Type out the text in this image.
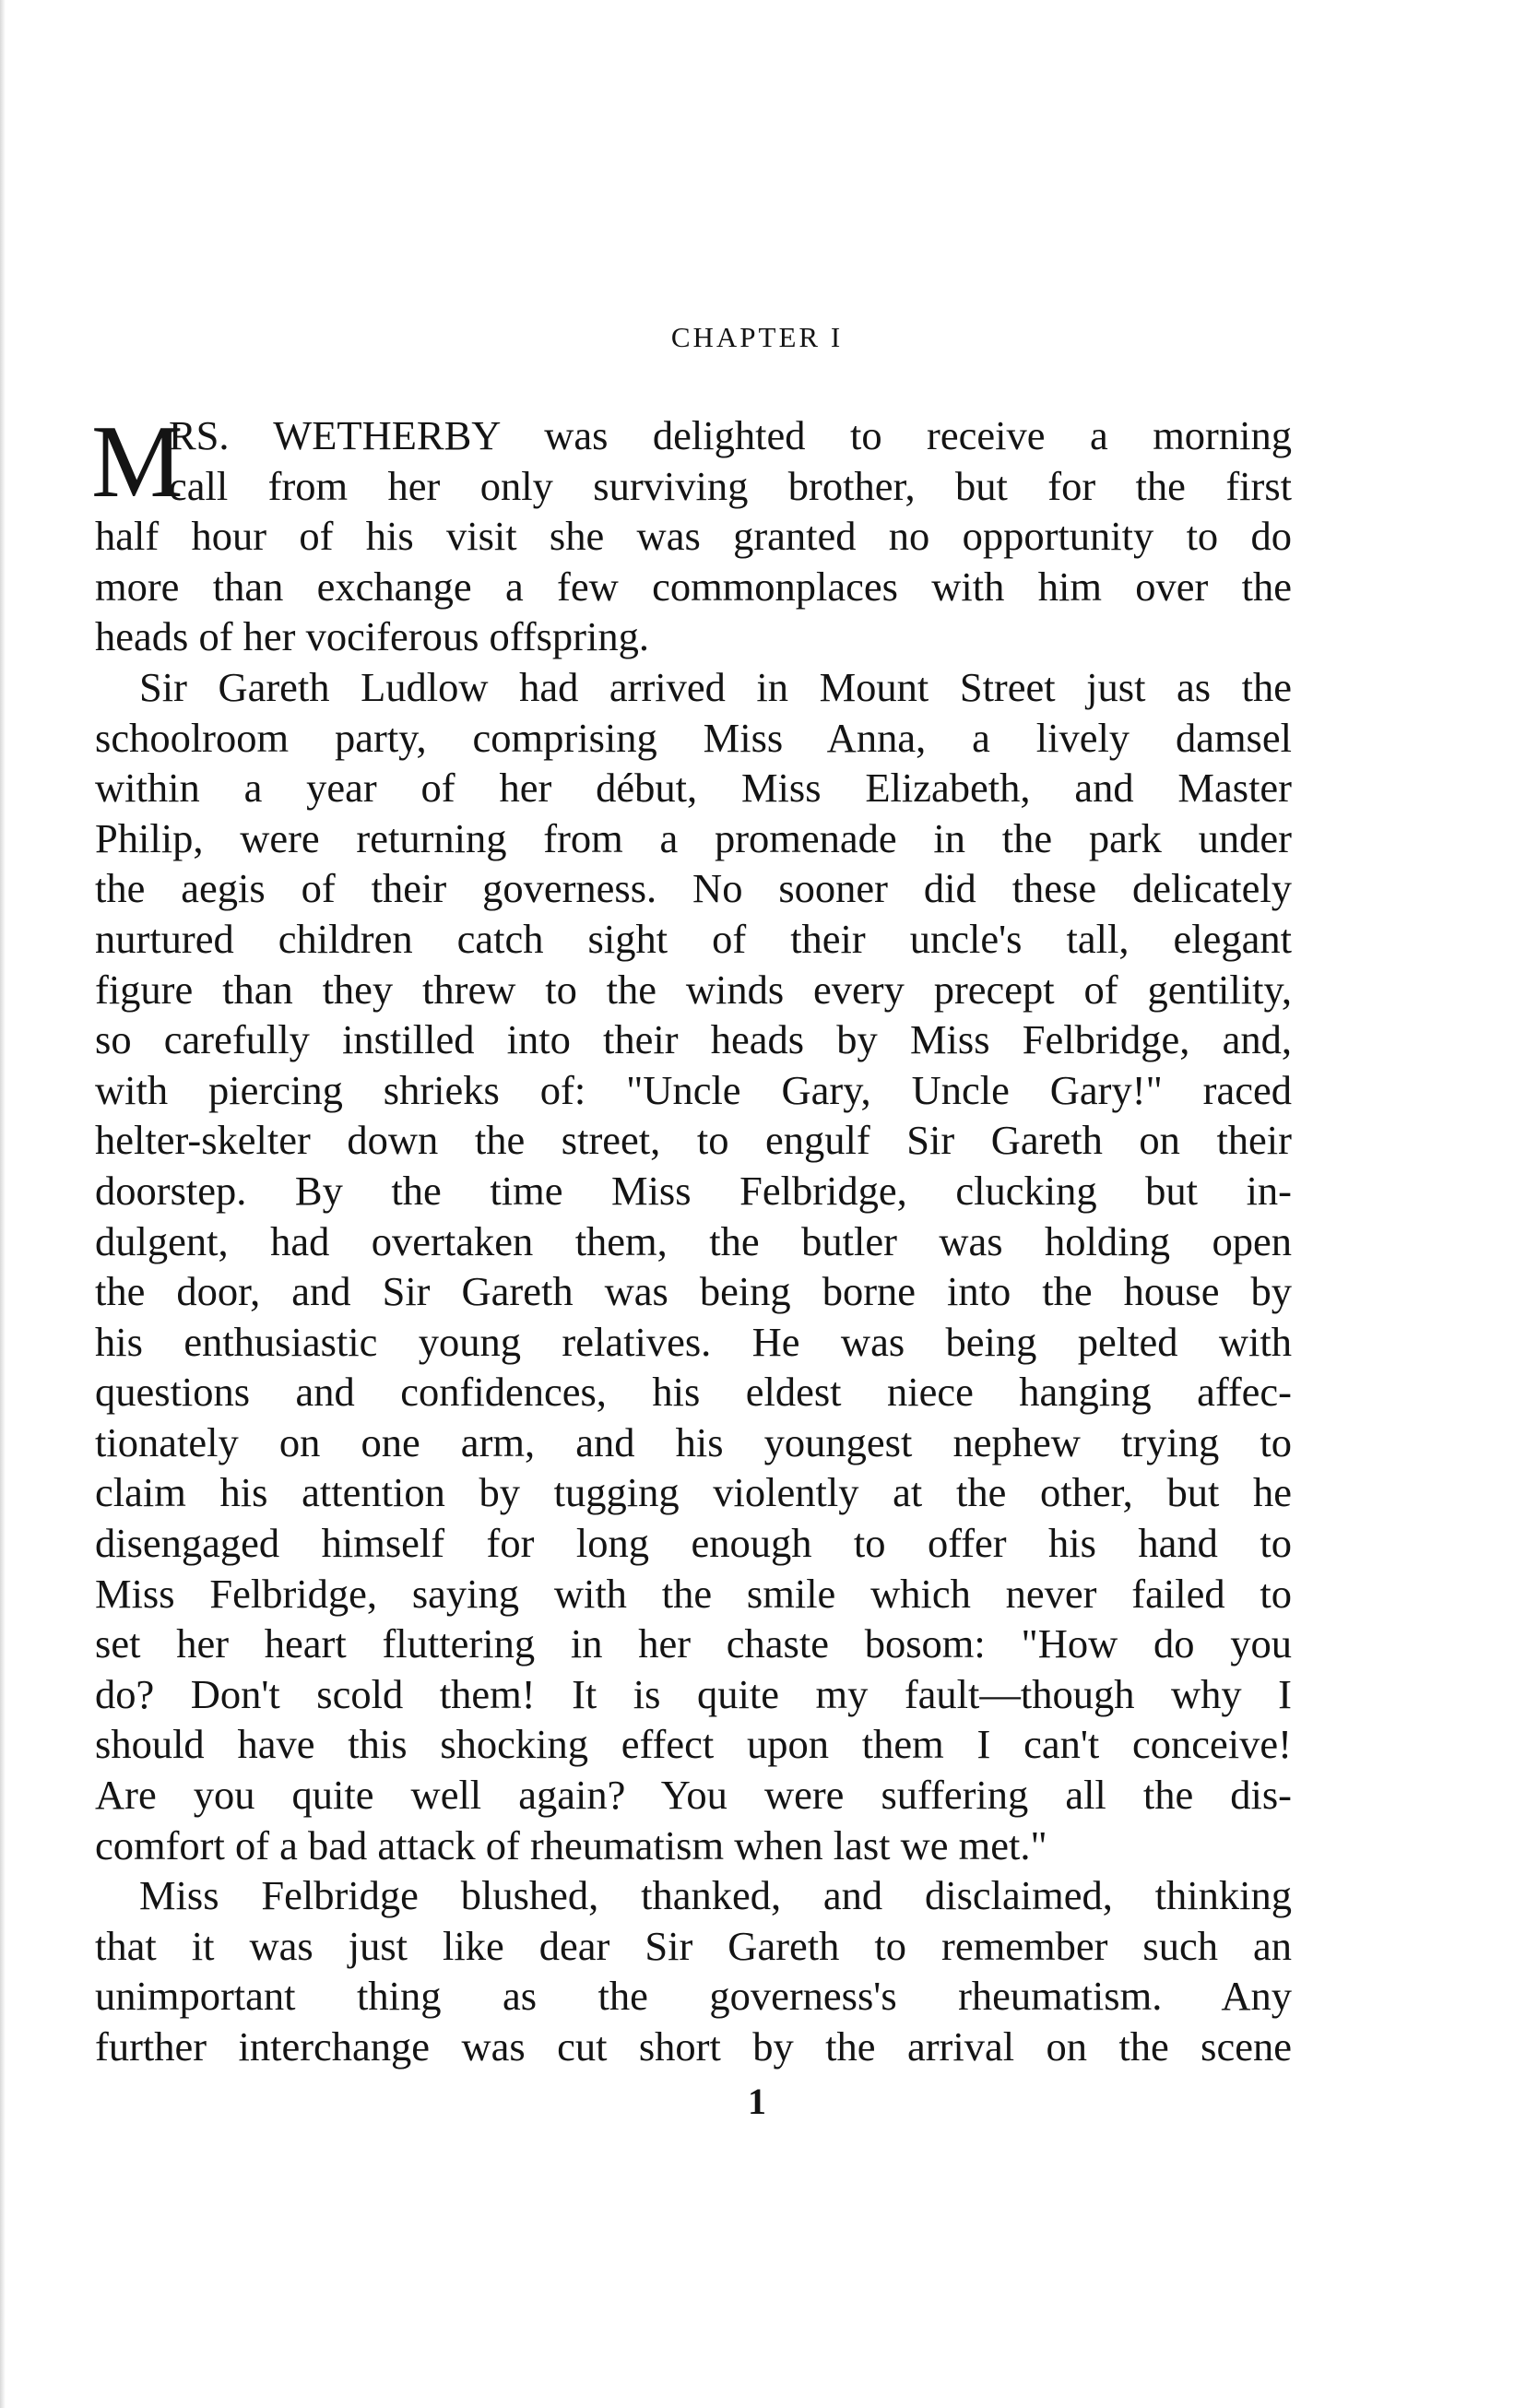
CHAPTER I
M
RS. WETHERBY was delighted to receive a morning
call from her only surviving brother, but for the first
half hour of his visit she was granted no opportunity to do
more than exchange a few commonplaces with him over the
heads of her vociferous offspring.
Sir Gareth Ludlow had arrived in Mount Street just as the
schoolroom party, comprising Miss Anna, a lively damsel
within a year of her début, Miss Elizabeth, and Master
Philip, were returning from a promenade in the park under
the aegis of their governess. No sooner did these delicately
nurtured children catch sight of their uncle's tall, elegant
figure than they threw to the winds every precept of gentility,
so carefully instilled into their heads by Miss Felbridge, and,
with piercing shrieks of: "Uncle Gary, Uncle Gary!" raced
helter-skelter down the street, to engulf Sir Gareth on their
doorstep. By the time Miss Felbridge, clucking but in-
dulgent, had overtaken them, the butler was holding open
the door, and Sir Gareth was being borne into the house by
his enthusiastic young relatives. He was being pelted with
questions and confidences, his eldest niece hanging affec-
tionately on one arm, and his youngest nephew trying to
claim his attention by tugging violently at the other, but he
disengaged himself for long enough to offer his hand to
Miss Felbridge, saying with the smile which never failed to
set her heart fluttering in her chaste bosom: "How do you
do? Don't scold them! It is quite my fault—though why I
should have this shocking effect upon them I can't conceive!
Are you quite well again? You were suffering all the dis-
comfort of a bad attack of rheumatism when last we met."
Miss Felbridge blushed, thanked, and disclaimed, thinking
that it was just like dear Sir Gareth to remember such an
unimportant thing as the governess's rheumatism. Any
further interchange was cut short by the arrival on the scene
1
